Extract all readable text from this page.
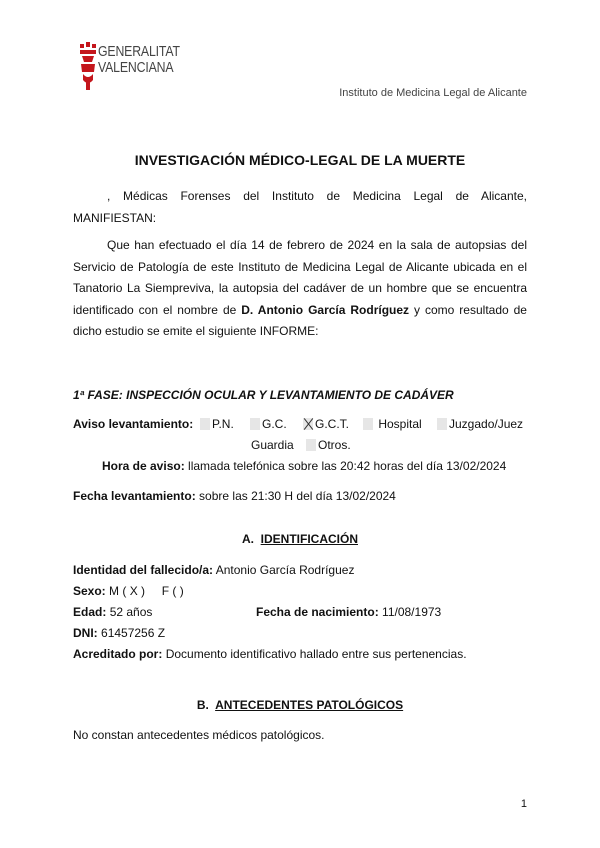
GENERALITAT
VALENCIANA
Instituto de Medicina Legal de Alicante
INVESTIGACIÓN MÉDICO-LEGAL DE LA MUERTE
, Médicas Forenses del Instituto de Medicina Legal de Alicante,
MANIFIESTAN:
Que han efectuado el día 14 de febrero de 2024 en la sala de autopsias del
Servicio de Patología de este Instituto de Medicina Legal de Alicante ubicada en el
Tanatorio La Siempreviva, la autopsia del cadáver de un hombre que se encuentra
identificado con el nombre de D. Antonio García Rodríguez y como resultado de
dicho estudio se emite el siguiente INFORME:
1ª FASE: INSPECCIÓN OCULAR Y LEVANTAMIENTO DE CADÁVER
Aviso levantamiento:	P.N.	G.C.	G.C.T.	Hospital	Juzgado/Juez
Guardia	Otros.
Hora de aviso: llamada telefónica sobre las 20:42 horas del día 13/02/2024
Fecha levantamiento: sobre las 21:30 H del día 13/02/2024
A. IDENTIFICACIÓN
Identidad del fallecido/a: Antonio García Rodríguez
Sexo: M ( X ) F ( )
Edad: 52 años	Fecha de nacimiento: 11/08/1973
DNI: 61457256 Z
Acreditado por: Documento identificativo hallado entre sus pertenencias.
B. ANTECEDENTES PATOLÓGICOS
No constan antecedentes médicos patológicos.
1
